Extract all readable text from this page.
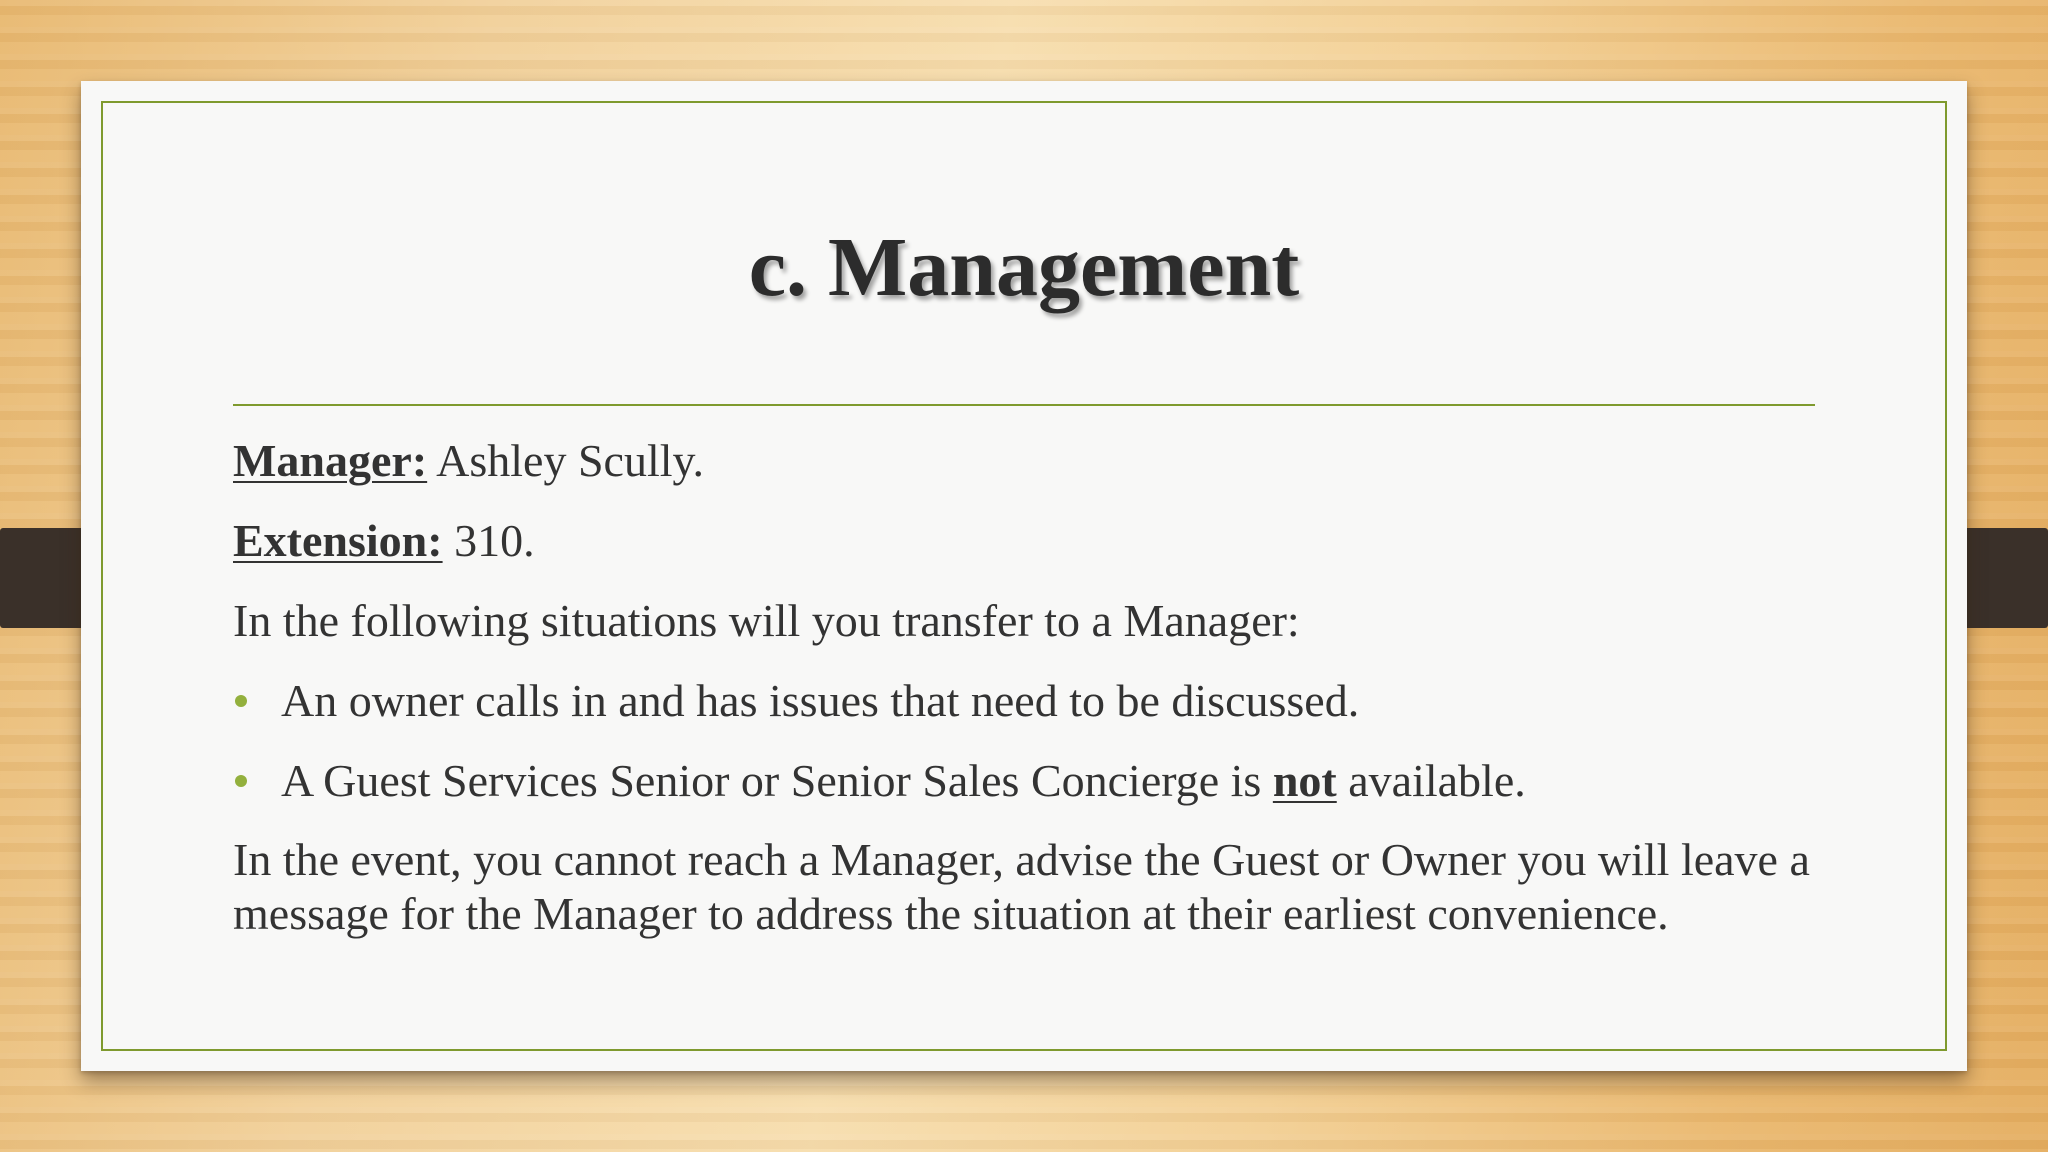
c. Management

Manager: Ashley Scully.

Extension: 310.

In the following situations will you transfer to a Manager:

An owner calls in and has issues that need to be discussed.
A Guest Services Senior or Senior Sales Concierge is not available.

In the event, you cannot reach a Manager, advise the Guest or Owner you will leave a message for the Manager to address the situation at their earliest convenience.
